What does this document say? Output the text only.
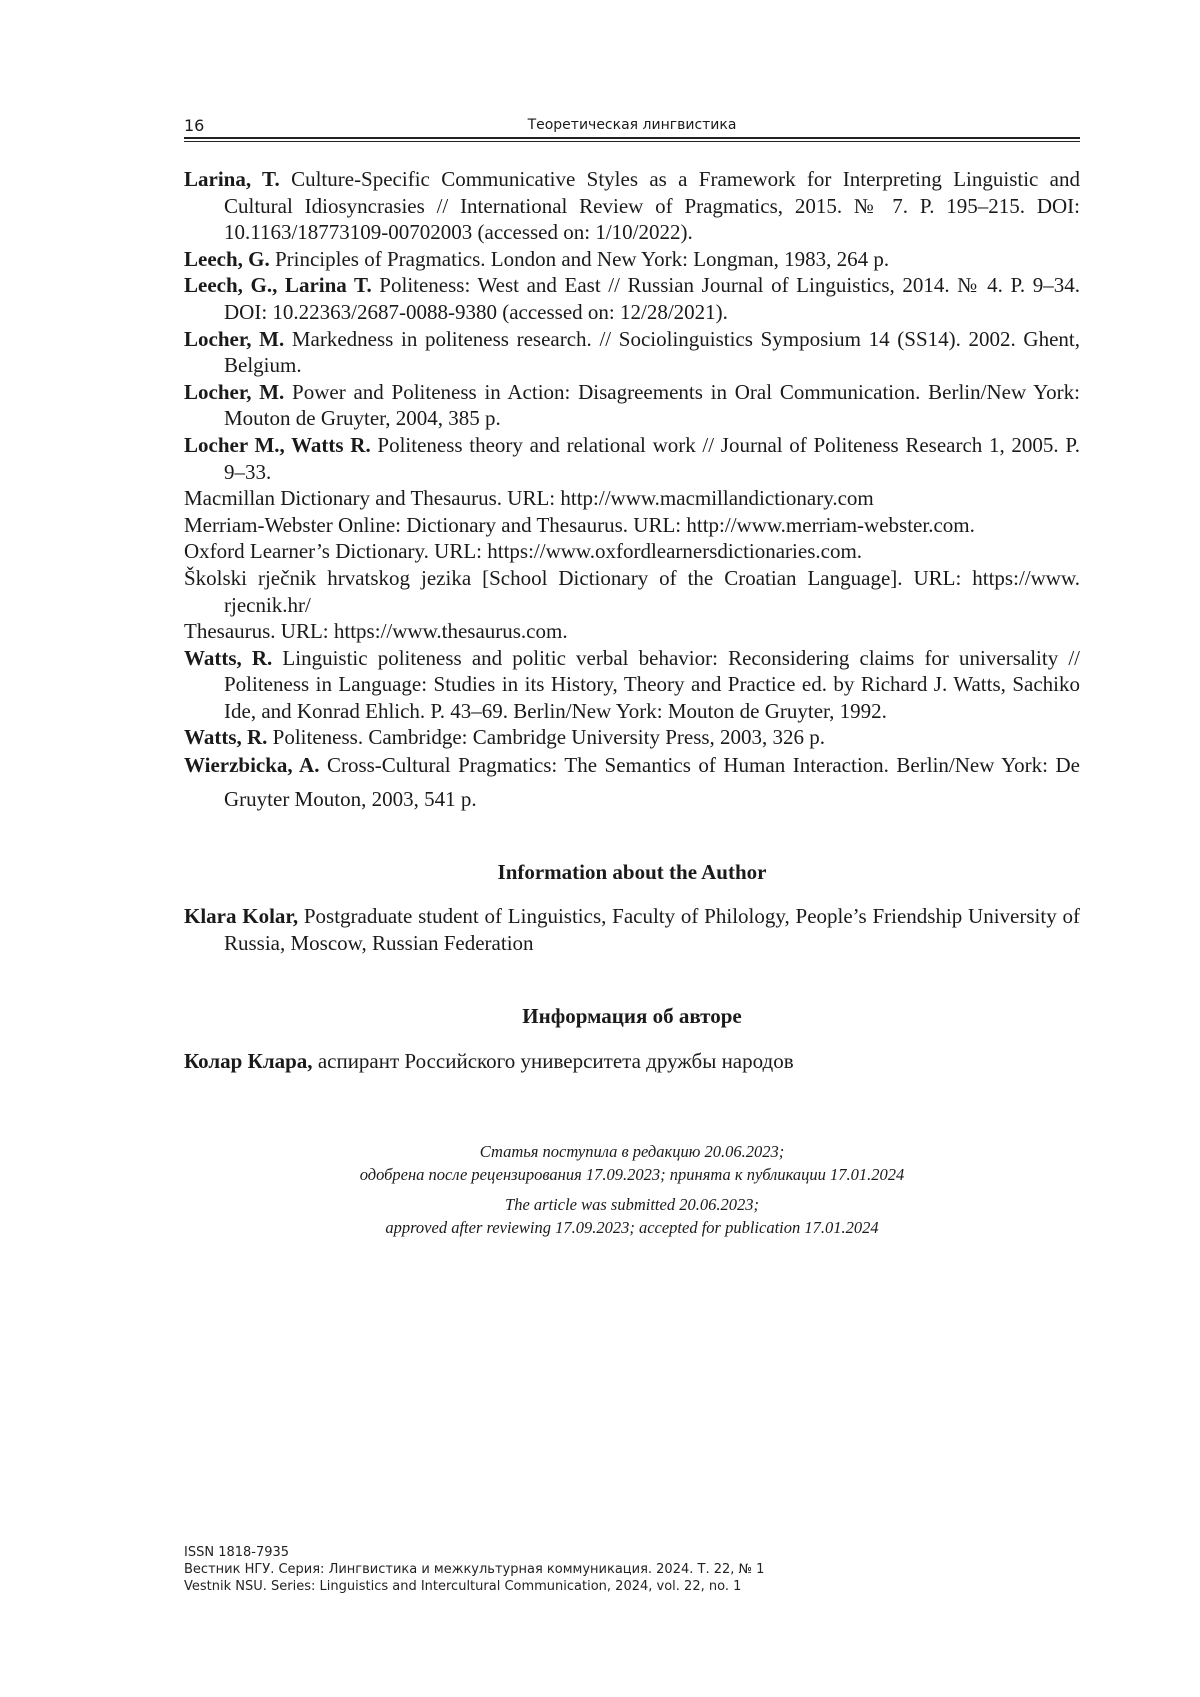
16	Теоретическая лингвистика
Larina, T. Culture-Specific Communicative Styles as a Framework for Interpreting Linguistic and Cultural Idiosyncrasies // International Review of Pragmatics, 2015. № 7. P. 195–215. DOI: 10.1163/18773109-00702003 (accessed on: 1/10/2022).
Leech, G. Principles of Pragmatics. London and New York: Longman, 1983, 264 p.
Leech, G., Larina T. Politeness: West and East // Russian Journal of Linguistics, 2014. № 4. P. 9–34. DOI: 10.22363/2687-0088-9380 (accessed on: 12/28/2021).
Locher, M. Markedness in politeness research. // Sociolinguistics Symposium 14 (SS14). 2002. Ghent, Belgium.
Locher, M. Power and Politeness in Action: Disagreements in Oral Communication. Berlin/New York: Mouton de Gruyter, 2004, 385 p.
Locher M., Watts R. Politeness theory and relational work // Journal of Politeness Research 1, 2005. P. 9–33.
Macmillan Dictionary and Thesaurus. URL: http://www.macmillandictionary.com
Merriam-Webster Online: Dictionary and Thesaurus. URL: http://www.merriam-webster.com.
Oxford Learner’s Dictionary. URL: https://www.oxfordlearnersdictionaries.com.
Školski rječnik hrvatskog jezika [School Dictionary of the Croatian Language]. URL: https://www. rjecnik.hr/
Thesaurus. URL: https://www.thesaurus.com.
Watts, R. Linguistic politeness and politic verbal behavior: Reconsidering claims for universality // Politeness in Language: Studies in its History, Theory and Practice ed. by Richard J. Watts, Sachiko Ide, and Konrad Ehlich. P. 43–69. Berlin/New York: Mouton de Gruyter, 1992.
Watts, R. Politeness. Cambridge: Cambridge University Press, 2003, 326 p.
Wierzbicka, A. Cross-Cultural Pragmatics: The Semantics of Human Interaction. Berlin/New York: De Gruyter Mouton, 2003, 541 p.
Information about the Author
Klara Kolar, Postgraduate student of Linguistics, Faculty of Philology, People’s Friendship University of Russia, Moscow, Russian Federation
Информация об авторе
Колар Клара, аспирант Российского университета дружбы народов
Статья поступила в редакцию 20.06.2023;
одобрена после рецензирования 17.09.2023; принята к публикации 17.01.2024
The article was submitted 20.06.2023;
approved after reviewing 17.09.2023; accepted for publication 17.01.2024
ISSN 1818-7935
Вестник НГУ. Серия: Лингвистика и межкультурная коммуникация. 2024. Т. 22, № 1
Vestnik NSU. Series: Linguistics and Intercultural Communication, 2024, vol. 22, no. 1
